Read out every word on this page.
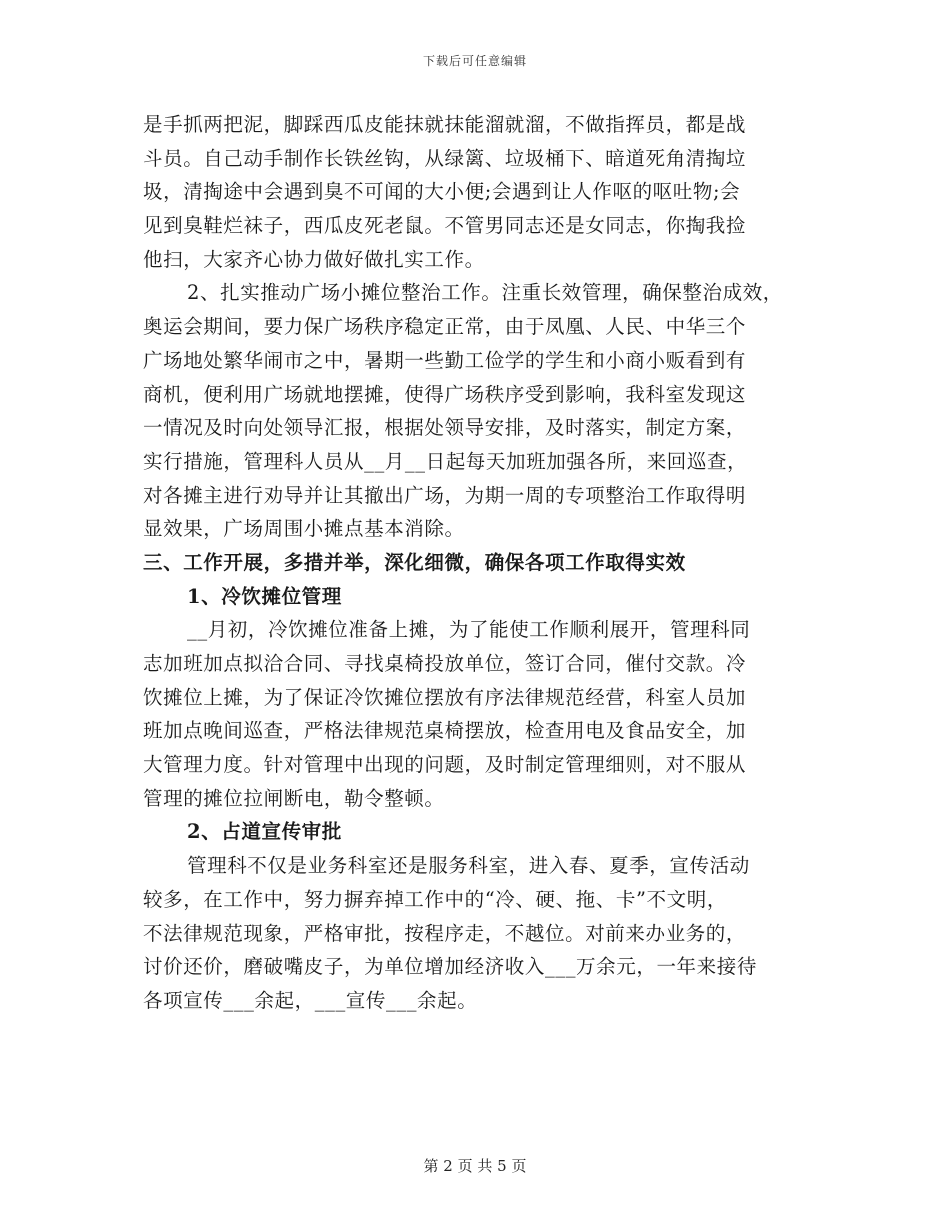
下载后可任意编辑
是手抓两把泥，脚踩西瓜皮能抹就抹能溜就溜，不做指挥员，都是战
斗员。自己动手制作长铁丝钩，从绿篱、垃圾桶下、暗道死角清掏垃
圾，清掏途中会遇到臭不可闻的大小便;会遇到让人作呕的呕吐物;会
见到臭鞋烂袜子，西瓜皮死老鼠。不管男同志还是女同志，你掏我捡
他扫，大家齐心协力做好做扎实工作。
2、扎实推动广场小摊位整治工作。注重长效管理，确保整治成效，
奥运会期间，要力保广场秩序稳定正常，由于凤凰、人民、中华三个
广场地处繁华闹市之中，暑期一些勤工俭学的学生和小商小贩看到有
商机，便利用广场就地摆摊，使得广场秩序受到影响，我科室发现这
一情况及时向处领导汇报，根据处领导安排，及时落实，制定方案，
实行措施，管理科人员从__月__日起每天加班加强各所，来回巡查，
对各摊主进行劝导并让其撤出广场，为期一周的专项整治工作取得明
显效果，广场周围小摊点基本消除。
三、工作开展，多措并举，深化细微，确保各项工作取得实效
1、冷饮摊位管理
__月初，冷饮摊位准备上摊，为了能使工作顺利展开，管理科同
志加班加点拟洽合同、寻找桌椅投放单位，签订合同，催付交款。冷
饮摊位上摊，为了保证冷饮摊位摆放有序法律规范经营，科室人员加
班加点晚间巡查，严格法律规范桌椅摆放，检查用电及食品安全，加
大管理力度。针对管理中出现的问题，及时制定管理细则，对不服从
管理的摊位拉闸断电，勒令整顿。
2、占道宣传审批
管理科不仅是业务科室还是服务科室，进入春、夏季，宣传活动
较多，在工作中，努力摒弃掉工作中的“冷、硬、拖、卡”不文明，
不法律规范现象，严格审批，按程序走，不越位。对前来办业务的，
讨价还价，磨破嘴皮子，为单位增加经济收入___万余元，一年来接待
各项宣传___余起，___宣传___余起。
第 2 页 共 5 页
